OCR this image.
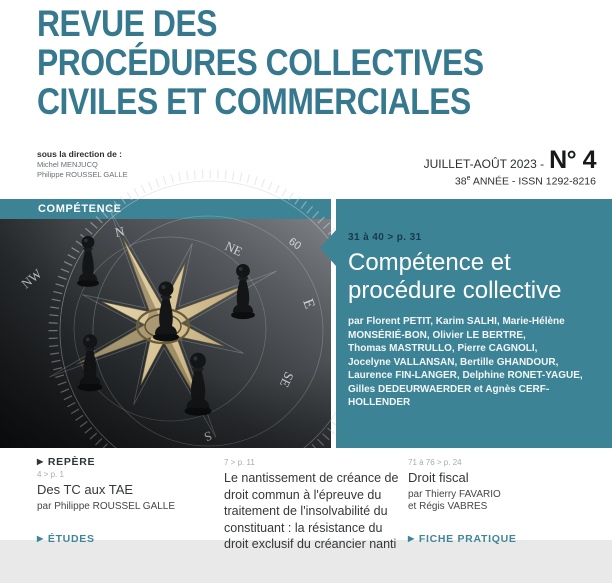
REVUE DES
PROCÉDURES COLLECTIVES
CIVILES ET COMMERCIALES
sous la direction de :
Michel MENJUCQ
Philippe ROUSSEL GALLE
JUILLET-AOÛT 2023 - N° 4
38e ANNÉE - ISSN 1292-8216
COMPÉTENCE
31 à 40 > p. 31
Compétence et
procédure collective
par Florent PETIT, Karim SALHI, Marie-Hélène
MONSÉRIÉ-BON, Olivier LE BERTRE,
Thomas MASTRULLO, Pierre CAGNOLI,
Jocelyne VALLANSAN, Bertille GHANDOUR,
Laurence FIN-LANGER, Delphine RONET-YAGUE,
Gilles DEDEURWAERDER et Agnès CERF-HOLLENDER
▶ REPÈRE
4 > p. 1
Des TC aux TAE
par Philippe ROUSSEL GALLE
▶ ÉTUDES
7 > p. 11
Le nantissement de créance de
droit commun à l'épreuve du
traitement de l'insolvabilité du
constituant : la résistance du
droit exclusif du créancier nanti
71 à 76 > p. 24
Droit fiscal
par Thierry FAVARIO
et Régis VABRES
▶ FICHE PRATIQUE
